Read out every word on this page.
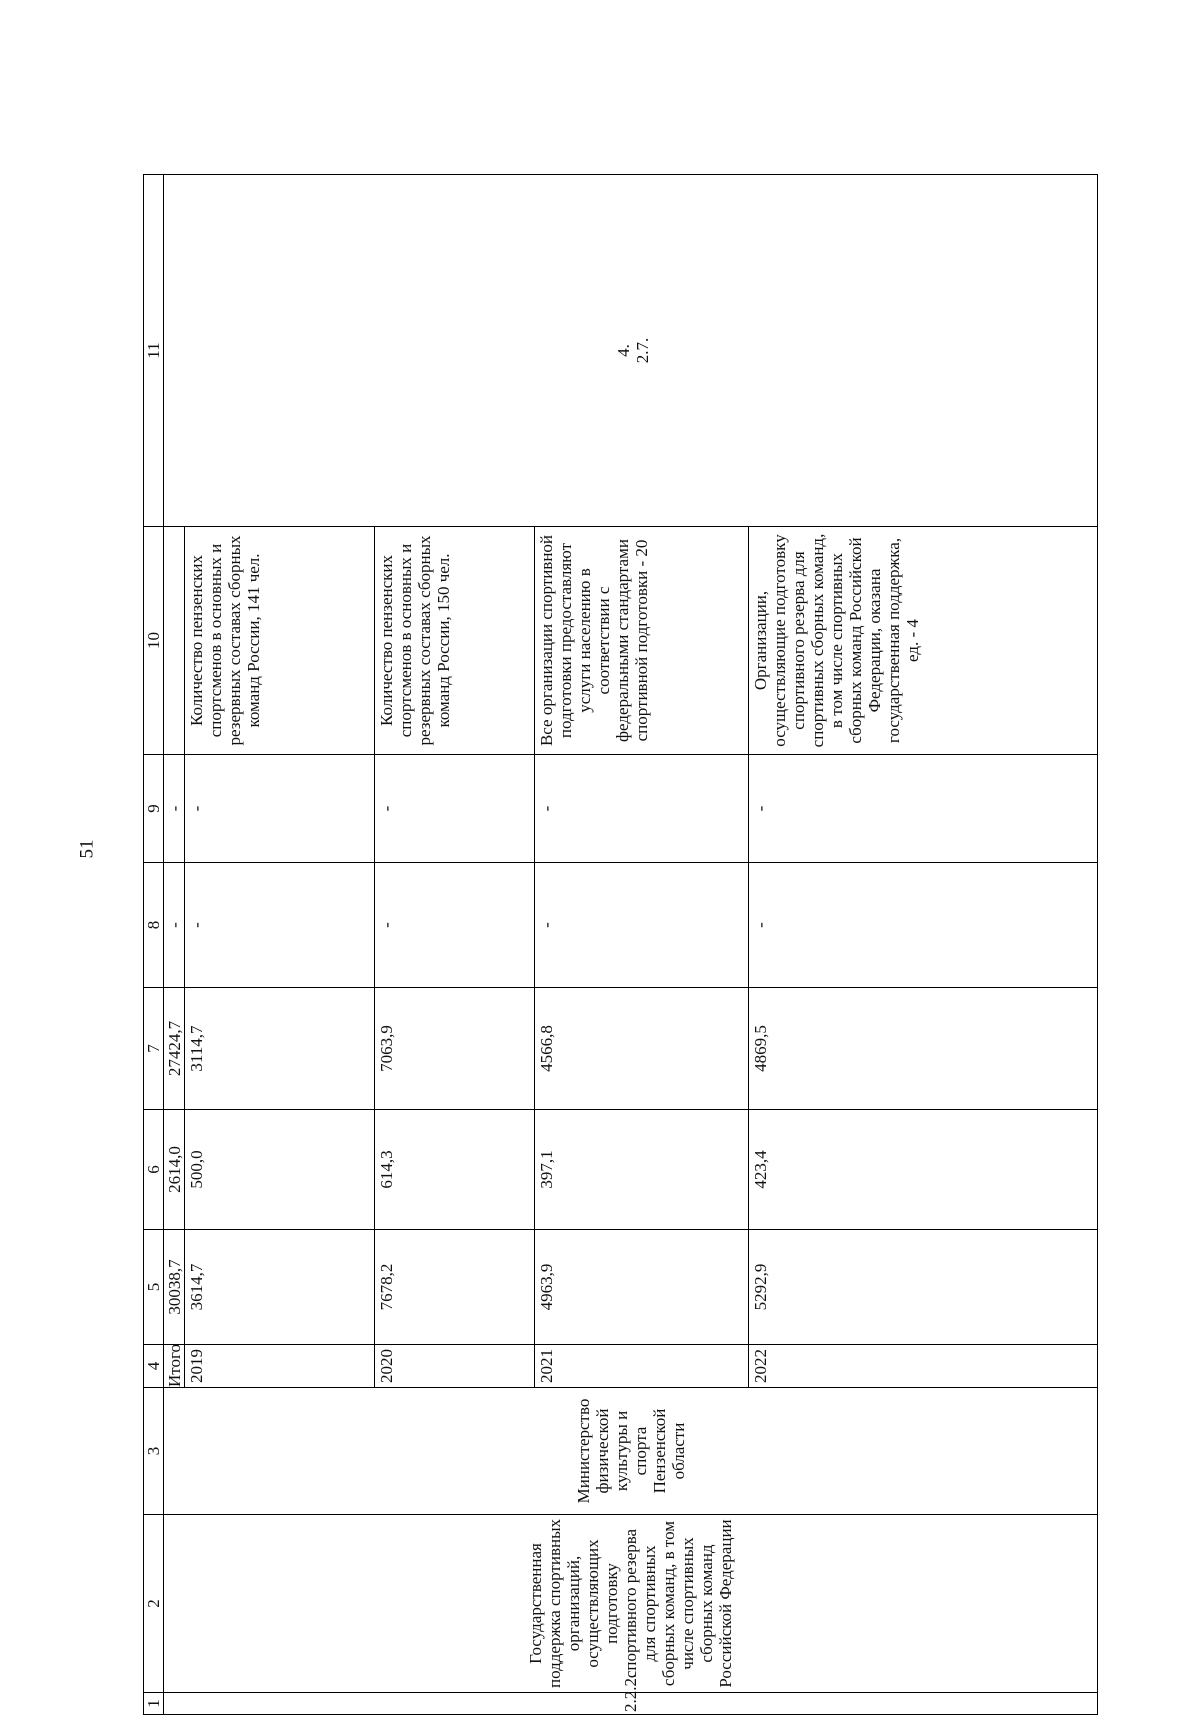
51
1	2	3	4	5	6	7	8	9	10	11
2.2.2.	Государственная поддержка спортивных организаций, осуществляющих подготовку спортивного резерва для спортивных сборных команд, в том числе спортивных сборных команд Российской Федерации	Министерство физической культуры и спорта Пензенской области	Итого	30038,7	2614,0	27424,7	-	-		4.
2.7.
			2019	3614,7	500,0	3114,7	-	-	Количество пензенских спортсменов в основных и резервных составах сборных команд России, 141 чел.	
			2020	7678,2	614,3	7063,9	-	-	Количество пензенских спортсменов в основных и резервных составах сборных команд России, 150 чел.	
			2021	4963,9	397,1	4566,8	-	-	Все организации спортивной подготовки предоставляют услуги населению в соответствии с федеральными стандартами спортивной подготовки - 20	
			2022	5292,9	423,4	4869,5	-	-	Организации, осуществляющие подготовку спортивного резерва для спортивных сборных команд, в том числе спортивных сборных команд Российской Федерации, оказана государственная поддержка, ед. - 4	
